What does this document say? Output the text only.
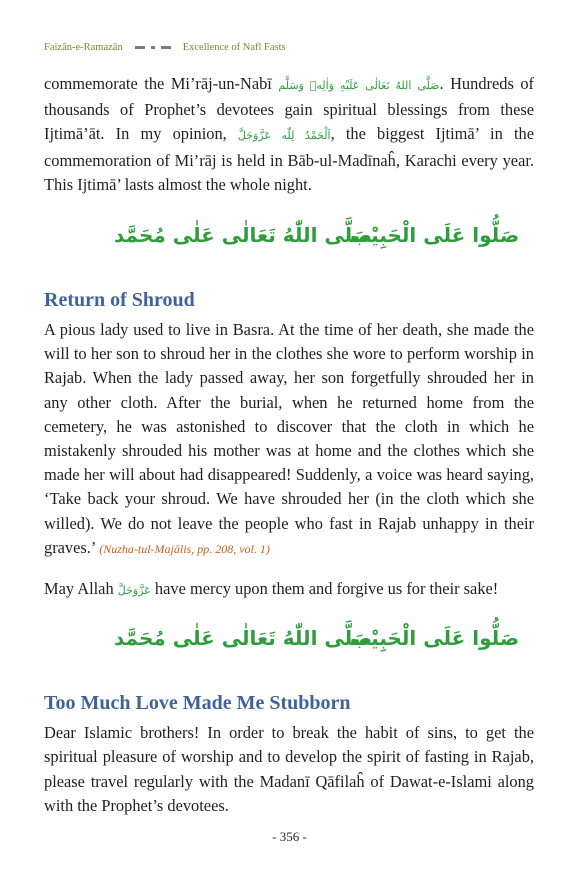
Faizān-e-Ramazān	Excellence of Nafl Fasts

commemorate the Mi’rāj-un-Nabī صَلَّى اللهُ تَعَالٰى عَلَيْهِ وَاٰلِهٖ وَسَلَّم. Hundreds of thousands of Prophet’s devotees gain spiritual blessings from these Ijtimā’āt. In my opinion, اَلْحَمْدُ لِلّٰه عَزَّوَجَلَّ, the biggest Ijtimā’ in the commemoration of Mi’rāj is held in Bāb-ul-Madīnaĥ, Karachi every year. This Ijtimā’ lasts almost the whole night.

صَلَّى اللّٰهُ تَعَالٰى عَلٰى مُحَمَّد
صَلُّوا عَلَى الْحَبِيْب
Return of Shroud

A pious lady used to live in Basra. At the time of her death, she made the will to her son to shroud her in the clothes she wore to perform worship in Rajab. When the lady passed away, her son forgetfully shrouded her in any other cloth. After the burial, when he returned home from the cemetery, he was astonished to discover that the cloth in which he mistakenly shrouded his mother was at home and the clothes which she made her will about had disappeared! Suddenly, a voice was heard saying, ‘Take back your shroud. We have shrouded her (in the cloth which she willed). We do not leave the people who fast in Rajab unhappy in their graves.’ (Nuzha-tul-Majālis, pp. 208, vol. 1)

May Allah عَزَّوَجَلَّ have mercy upon them and forgive us for their sake!

صَلَّى اللّٰهُ تَعَالٰى عَلٰى مُحَمَّد
صَلُّوا عَلَى الْحَبِيْب
Too Much Love Made Me Stubborn

Dear Islamic brothers! In order to break the habit of sins, to get the spiritual pleasure of worship and to develop the spirit of fasting in Rajab, please travel regularly with the Madanī Qāfilaĥ of Dawat-e-Islami along with the Prophet’s devotees.

- 356 -
